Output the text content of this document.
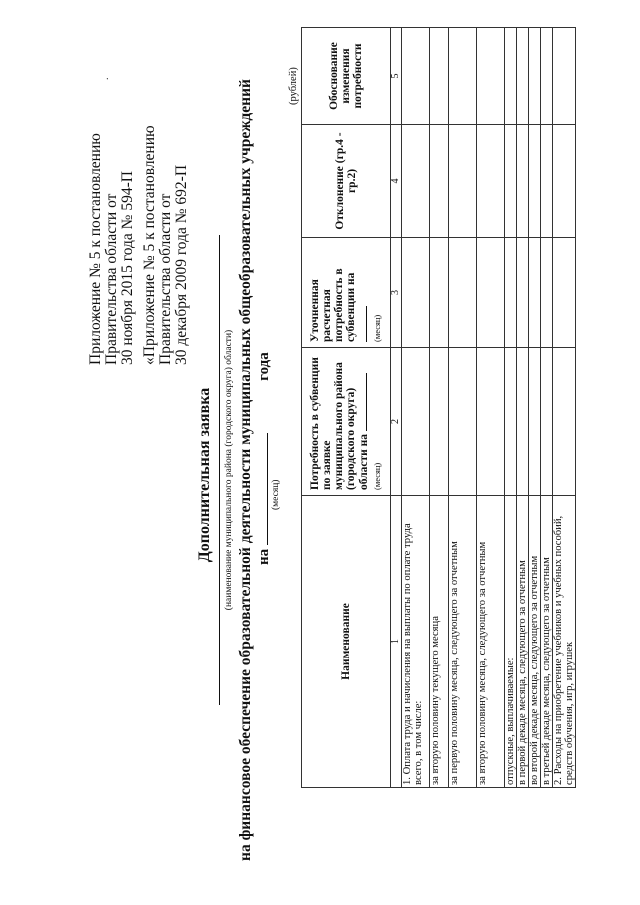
.
Приложение № 5 к постановлению Правительства области от 30 ноября 2015 года № 594-П «Приложение № 5 к постановлению Правительства области от 30 декабря 2009 года № 692-П
Дополнительная заявка (наименование муниципального района (городского округа) области) на финансовое обеспечение образовательной деятельности муниципальных общеобразовательных учреждений нагода
(месяц)
(рублей)
Наименование	Потребность в субвенции по заявке муниципального района (городского округа) области на (месяц)	Уточненная расчетная потребность в субвенции на (месяц)	Отклонение (гр.4 - гр.2)	Обоснование изменения потребности
1	2	3	4	5
1. Оплата труда и начисления на выплаты по оплате труда всего, в том числе:				
за вторую половину текущего месяца				
за первую половину месяца, следующего за отчетным				
за вторую половину месяца, следующего за отчетным				
отпускные, выплачиваемые:				
в первой декаде месяца, следующего за отчетным				
во второй декаде месяца, следующего за отчетным				
в третьей декаде месяца, следующего за отчетным				
2. Расходы на приобретение учебников и учебных пособий, средств обучения, игр, игрушек				
